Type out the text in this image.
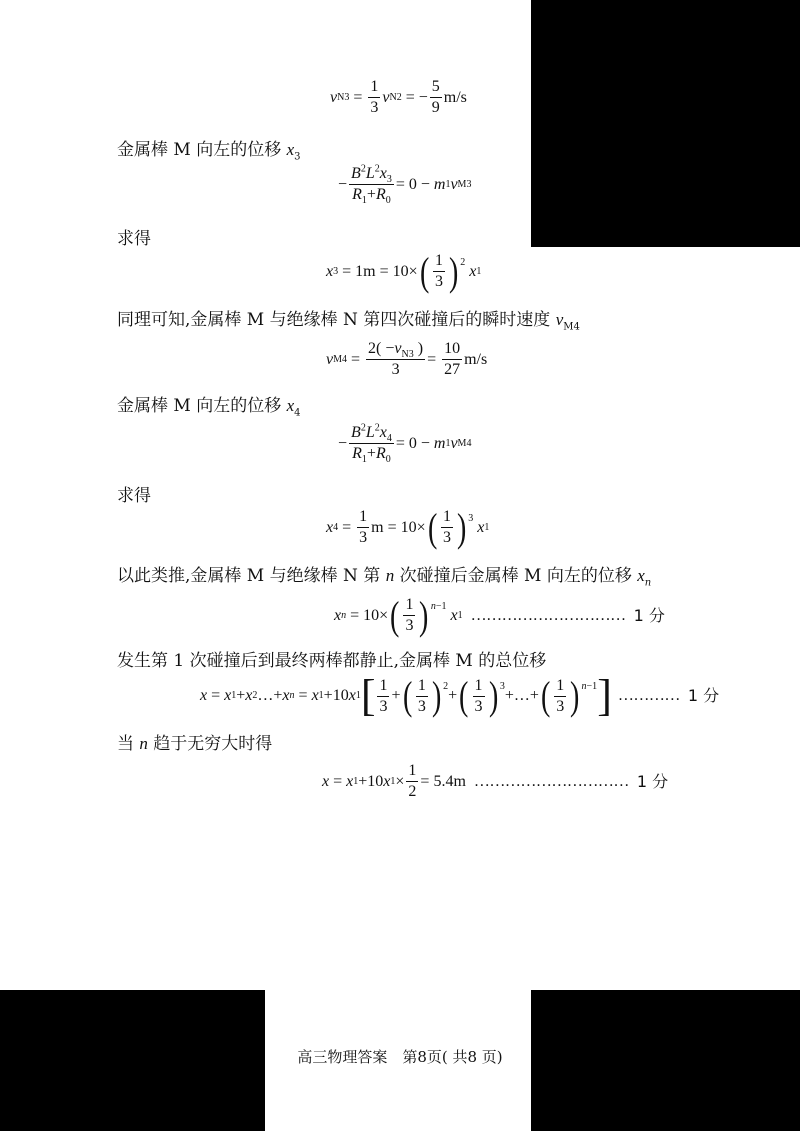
v $N3 = \frac{1}{3}$ v N2 = − $\frac{5}{9} m/s$
金属棒 M 向左的位移 $x_3$
− $\frac{B^2L^2x_3}{R_1+R_0} = 0 - m$ 1 v M3
求得
x 3 = 1m = 10× ( $\frac{1}{3}$ ) 2
x 1
同理可知,金属棒 M 与绝缘棒 N 第四次碰撞后的瞬时速度 $v_{M4}$
v $M4 = \frac{2( -v_{N3} )}{3} = \frac{10}{27} m/s$
金属棒 M 向左的位移 $x_4$
− $\frac{B^2L^2x_4}{R_1+R_0} = 0 - m$ 1 v M4
求得
x $4 = \frac{1}{3}$ m = 10× ( $\frac{1}{3}$ ) 3
x 1
以此类推,金属棒 M 与绝缘棒 N 第 n 次碰撞后金属棒 M 向左的位移 $x_n$
x n = 10× ( $\frac{1}{3}$ ) n−1
x 1 ………………………… 1 分
发生第 1 次碰撞后到最终两棒都静止,金属棒 M 的总位移
x = x 1 + x 2 …+ x n = x 1 +10 x 1 [ $\frac{1}{3}$ + ( $\frac{1}{3}$ ) 2
+ ( $\frac{1}{3}$ ) 3
+…+ ( $\frac{1}{3}$ ) n−1 ] ………… 1 分
当 n 趋于无穷大时得
x = x 1 +10 x $1 \times \frac{1}{2} = 5.4m$ ………………………… 1 分
高三物理答案　第8页( 共8 页)
